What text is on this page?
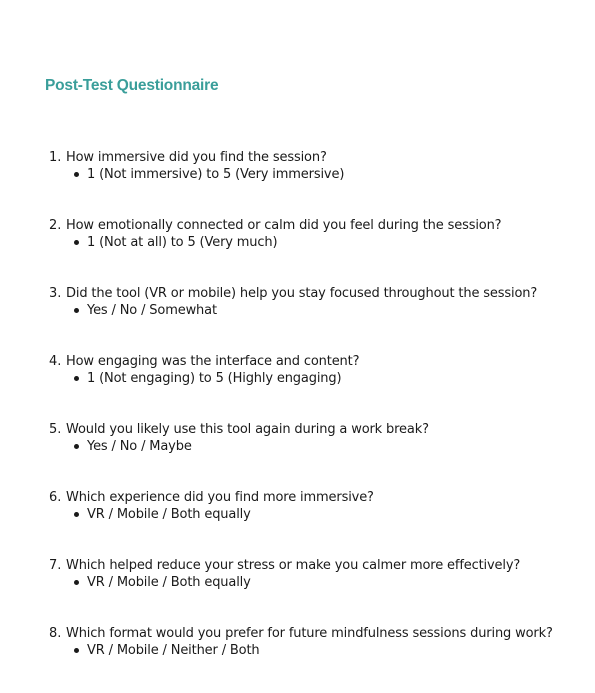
Post-Test Questionnaire
1. How immersive did you find the session?
1 (Not immersive) to 5 (Very immersive)
2. How emotionally connected or calm did you feel during the session?
1 (Not at all) to 5 (Very much)
3. Did the tool (VR or mobile) help you stay focused throughout the session?
Yes / No / Somewhat
4. How engaging was the interface and content?
1 (Not engaging) to 5 (Highly engaging)
5. Would you likely use this tool again during a work break?
Yes / No / Maybe
6. Which experience did you find more immersive?
VR / Mobile / Both equally
7. Which helped reduce your stress or make you calmer more effectively?
VR / Mobile / Both equally
8. Which format would you prefer for future mindfulness sessions during work?
VR / Mobile / Neither / Both
